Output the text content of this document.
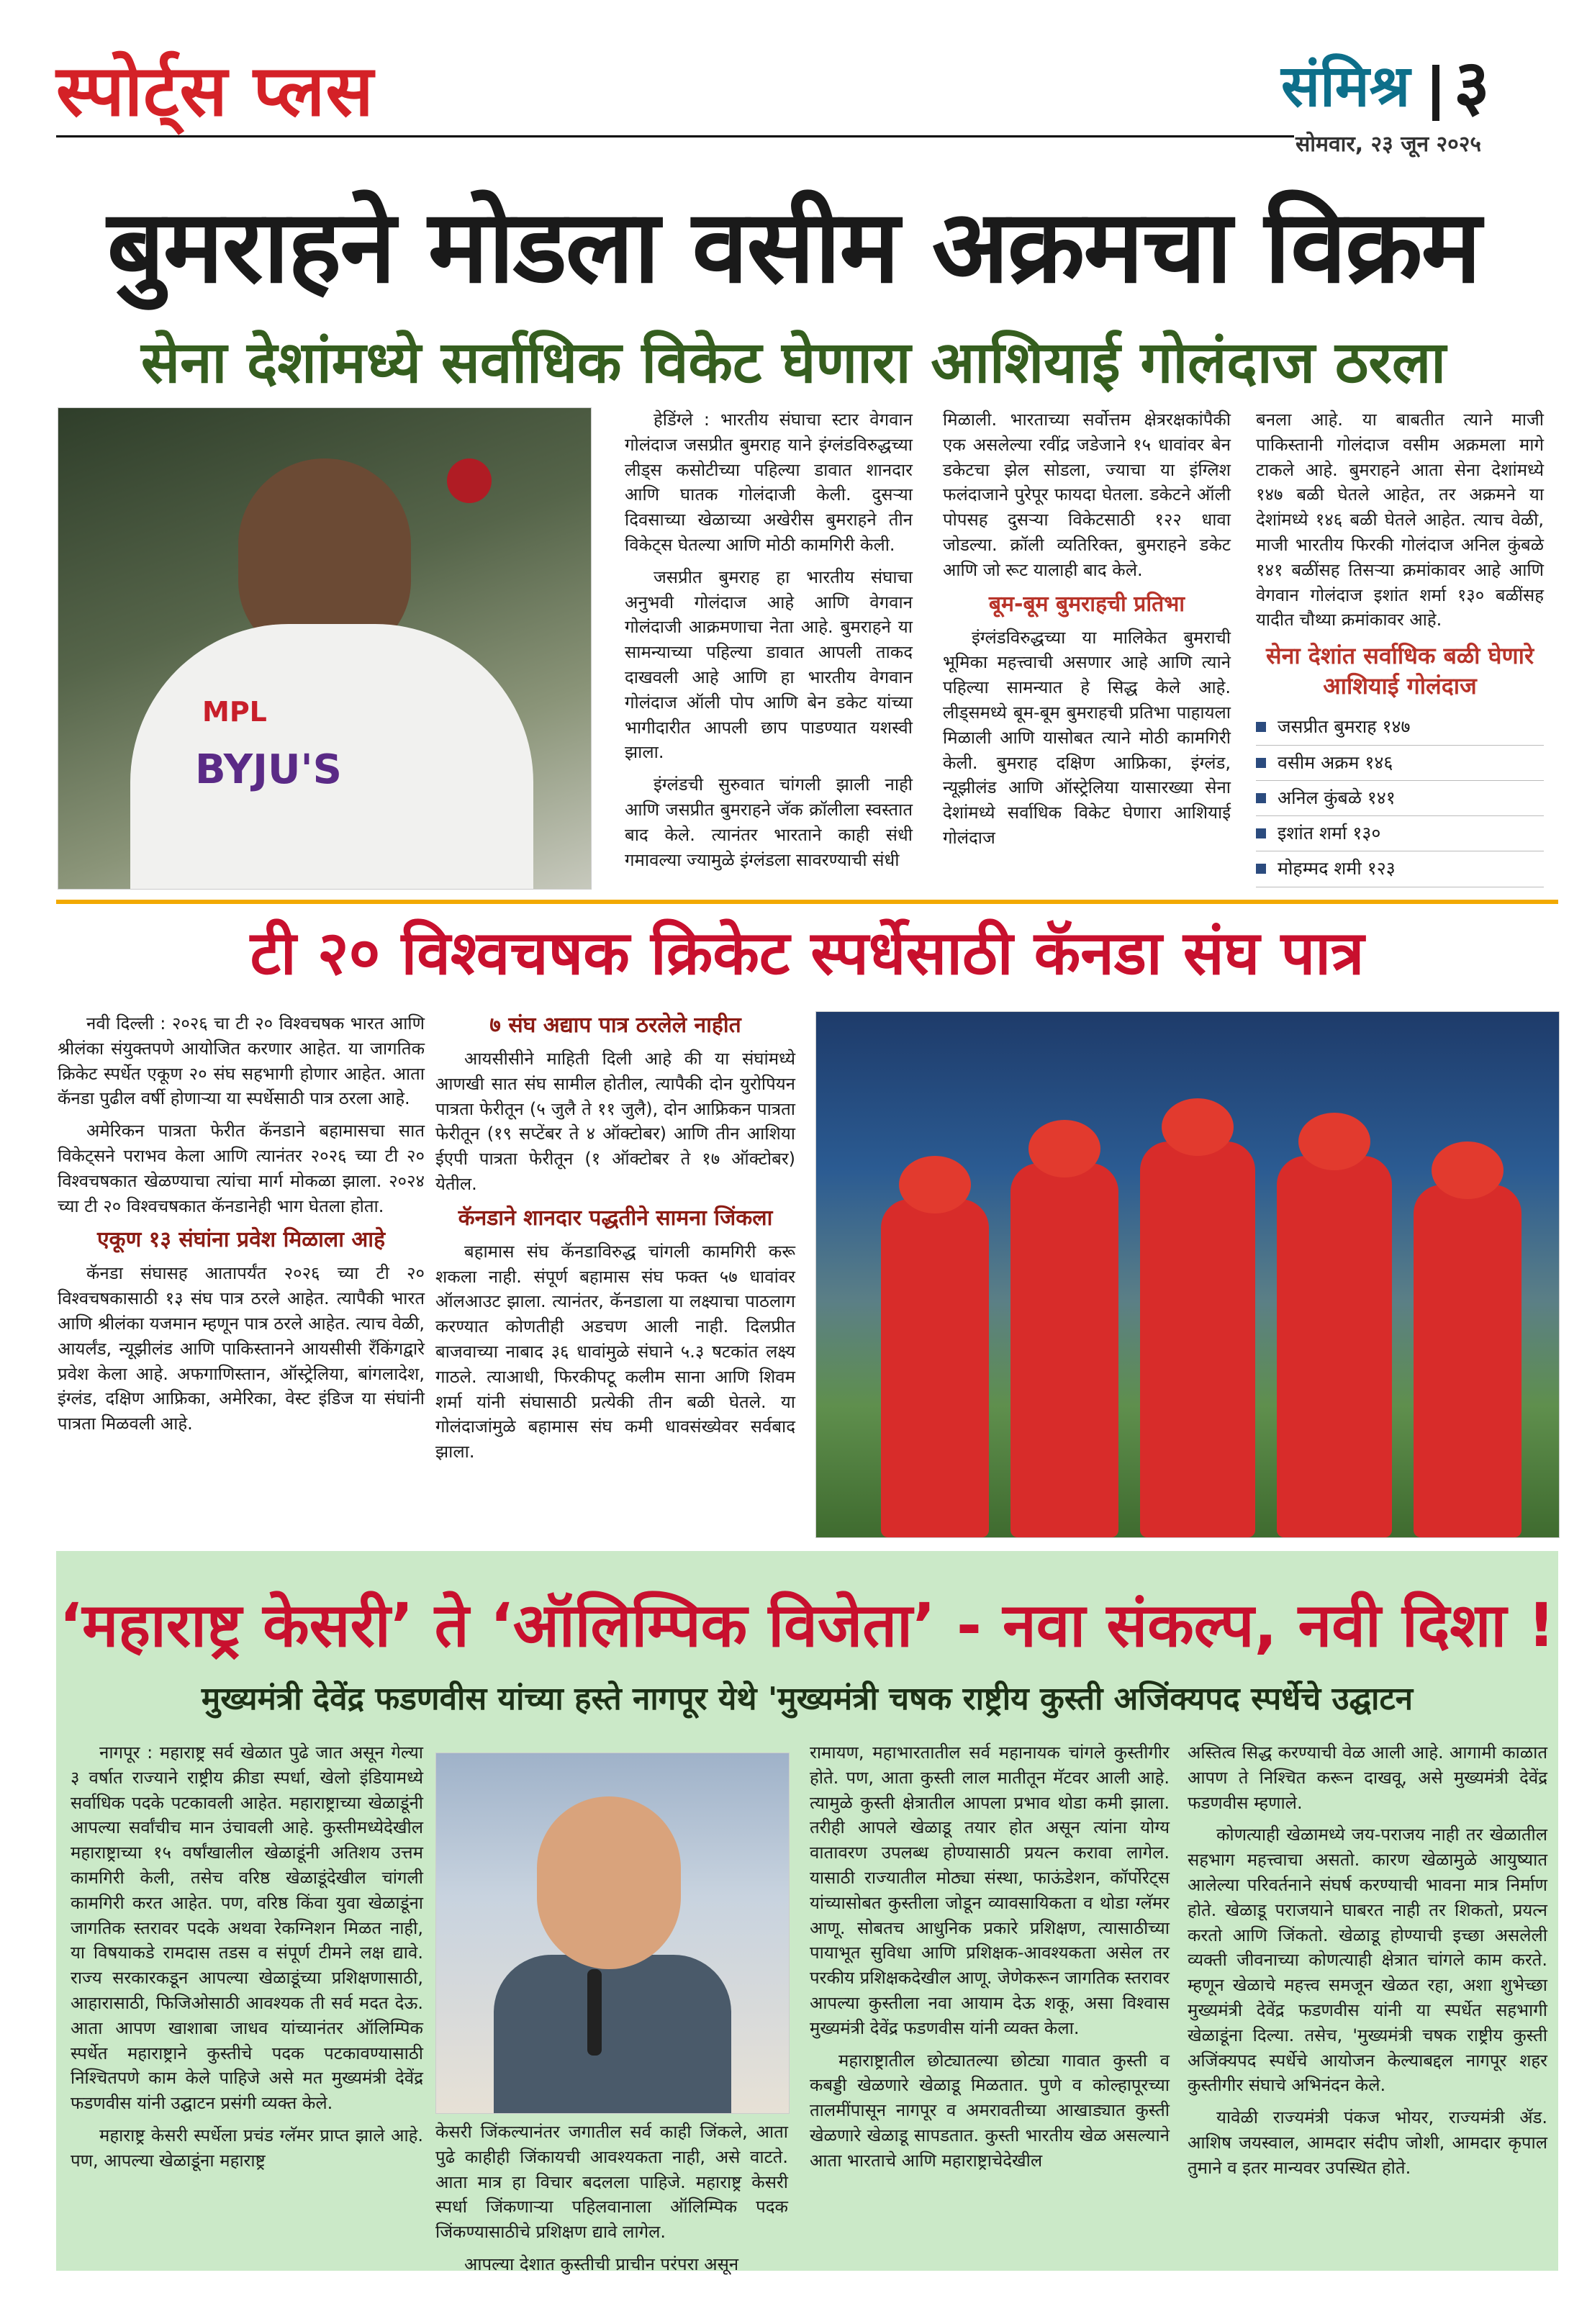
स्पोर्ट्स प्लस	संमिश्र ३
सोमवार, २३ जून २०२५
बुमराहने मोडला वसीम अक्रमचा विक्रम
सेना देशांमध्ये सर्वाधिक विकेट घेणारा आशियाई गोलंदाज ठरला
MPL
BYJU'S

हेडिंग्ले : भारतीय संघाचा स्टार वेगवान गोलंदाज जसप्रीत बुमराह याने इंग्लंडविरुद्धच्या लीड्स कसोटीच्या पहिल्या डावात शानदार आणि घातक गोलंदाजी केली. दुसऱ्या दिवसाच्या खेळाच्या अखेरीस बुमराहने तीन विकेट्स घेतल्या आणि मोठी कामगिरी केली.

जसप्रीत बुमराह हा भारतीय संघाचा अनुभवी गोलंदाज आहे आणि वेगवान गोलंदाजी आक्रमणाचा नेता आहे. बुमराहने या सामन्याच्या पहिल्या डावात आपली ताकद दाखवली आहे आणि हा भारतीय वेगवान गोलंदाज ऑली पोप आणि बेन डकेट यांच्या भागीदारीत आपली छाप पाडण्यात यशस्वी झाला.

इंग्लंडची सुरुवात चांगली झाली नाही आणि जसप्रीत बुमराहने जॅक क्रॉलीला स्वस्तात बाद केले. त्यानंतर भारताने काही संधी गमावल्या ज्यामुळे इंग्लंडला सावरण्याची संधी

मिळाली. भारताच्या सर्वोत्तम क्षेत्ररक्षकांपैकी एक असलेल्या रवींद्र जडेजाने १५ धावांवर बेन डकेटचा झेल सोडला, ज्याचा या इंग्लिश फलंदाजाने पुरेपूर फायदा घेतला. डकेटने ऑली पोपसह दुसऱ्या विकेटसाठी १२२ धावा जोडल्या. क्रॉली व्यतिरिक्त, बुमराहने डकेट आणि जो रूट यालाही बाद केले.

बूम-बूम बुमराहची प्रतिभा

इंग्लंडविरुद्धच्या या मालिकेत बुमराची भूमिका महत्त्वाची असणार आहे आणि त्याने पहिल्या सामन्यात हे सिद्ध केले आहे. लीड्समध्ये बूम-बूम बुमराहची प्रतिभा पाहायला मिळाली आणि यासोबत त्याने मोठी कामगिरी केली. बुमराह दक्षिण आफ्रिका, इंग्लंड, न्यूझीलंड आणि ऑस्ट्रेलिया यासारख्या सेना देशांमध्ये सर्वाधिक विकेट घेणारा आशियाई गोलंदाज

बनला आहे. या बाबतीत त्याने माजी पाकिस्तानी गोलंदाज वसीम अक्रमला मागे टाकले आहे. बुमराहने आता सेना देशांमध्ये १४७ बळी घेतले आहेत, तर अक्रमने या देशांमध्ये १४६ बळी घेतले आहेत. त्याच वेळी, माजी भारतीय फिरकी गोलंदाज अनिल कुंबळे १४१ बळींसह तिसऱ्या क्रमांकावर आहे आणि वेगवान गोलंदाज इशांत शर्मा १३० बळींसह यादीत चौथ्या क्रमांकावर आहे.

सेना देशांत सर्वाधिक बळी घेणारे आशियाई गोलंदाज
जसप्रीत बुमराह १४७
वसीम अक्रम १४६
अनिल कुंबळे १४१
इशांत शर्मा १३०
मोहम्मद शमी १२३
टी २० विश्वचषक क्रिकेट स्पर्धेसाठी कॅनडा संघ पात्र

नवी दिल्ली : २०२६ चा टी २० विश्वचषक भारत आणि श्रीलंका संयुक्तपणे आयोजित करणार आहेत. या जागतिक क्रिकेट स्पर्धेत एकूण २० संघ सहभागी होणार आहेत. आता कॅनडा पुढील वर्षी होणाऱ्या या स्पर्धेसाठी पात्र ठरला आहे.

अमेरिकन पात्रता फेरीत कॅनडाने बहामासचा सात विकेट्सने पराभव केला आणि त्यानंतर २०२६ च्या टी २० विश्वचषकात खेळण्याचा त्यांचा मार्ग मोकळा झाला. २०२४ च्या टी २० विश्वचषकात कॅनडानेही भाग घेतला होता.

एकूण १३ संघांना प्रवेश मिळाला आहे

कॅनडा संघासह आतापर्यंत २०२६ च्या टी २० विश्वचषकासाठी १३ संघ पात्र ठरले आहेत. त्यापैकी भारत आणि श्रीलंका यजमान म्हणून पात्र ठरले आहेत. त्याच वेळी, आयर्लंड, न्यूझीलंड आणि पाकिस्तानने आयसीसी रँकिंगद्वारे प्रवेश केला आहे. अफगाणिस्तान, ऑस्ट्रेलिया, बांगलादेश, इंग्लंड, दक्षिण आफ्रिका, अमेरिका, वेस्ट इंडिज या संघांनी पात्रता मिळवली आहे.

७ संघ अद्याप पात्र ठरलेले नाहीत

आयसीसीने माहिती दिली आहे की या संघांमध्ये आणखी सात संघ सामील होतील, त्यापैकी दोन युरोपियन पात्रता फेरीतून (५ जुलै ते ११ जुलै), दोन आफ्रिकन पात्रता फेरीतून (१९ सप्टेंबर ते ४ ऑक्टोबर) आणि तीन आशिया ईएपी पात्रता फेरीतून (१ ऑक्टोबर ते १७ ऑक्टोबर) येतील.

कॅनडाने शानदार पद्धतीने सामना जिंकला

बहामास संघ कॅनडाविरुद्ध चांगली कामगिरी करू शकला नाही. संपूर्ण बहामास संघ फक्त ५७ धावांवर ऑलआउट झाला. त्यानंतर, कॅनडाला या लक्ष्याचा पाठलाग करण्यात कोणतीही अडचण आली नाही. दिलप्रीत बाजवाच्या नाबाद ३६ धावांमुळे संघाने ५.३ षटकांत लक्ष्य गाठले. त्याआधी, फिरकीपटू कलीम साना आणि शिवम शर्मा यांनी संघासाठी प्रत्येकी तीन बळी घेतले. या गोलंदाजांमुळे बहामास संघ कमी धावसंख्येवर सर्वबाद झाला.

‘महाराष्ट्र केसरी’ ते ‘ऑलिम्पिक विजेता’ - नवा संकल्प, नवी दिशा !
मुख्यमंत्री देवेंद्र फडणवीस यांच्या हस्ते नागपूर येथे 'मुख्यमंत्री चषक राष्ट्रीय कुस्ती अजिंक्यपद स्पर्धेचे उद्घाटन

नागपूर : महाराष्ट्र सर्व खेळात पुढे जात असून गेल्या ३ वर्षात राज्याने राष्ट्रीय क्रीडा स्पर्धा, खेलो इंडियामध्ये सर्वाधिक पदके पटकावली आहेत. महाराष्ट्राच्या खेळाडूंनी आपल्या सर्वांचीच मान उंचावली आहे. कुस्तीमध्येदेखील महाराष्ट्राच्या १५ वर्षांखालील खेळाडूंनी अतिशय उत्तम कामगिरी केली, तसेच वरिष्ठ खेळाडूंदेखील चांगली कामगिरी करत आहेत. पण, वरिष्ठ किंवा युवा खेळाडूंना जागतिक स्तरावर पदके अथवा रेकग्निशन मिळत नाही, या विषयाकडे रामदास तडस व संपूर्ण टीमने लक्ष द्यावे. राज्य सरकारकडून आपल्या खेळाडूंच्या प्रशिक्षणासाठी, आहारासाठी, फिजिओसाठी आवश्यक ती सर्व मदत देऊ. आता आपण खाशाबा जाधव यांच्यानंतर ऑलिम्पिक स्पर्धेत महाराष्ट्राने कुस्तीचे पदक पटकावण्यासाठी निश्चितपणे काम केले पाहिजे असे मत मुख्यमंत्री देवेंद्र फडणवीस यांनी उद्घाटन प्रसंगी व्यक्त केले.

महाराष्ट्र केसरी स्पर्धेला प्रचंड ग्लॅमर प्राप्त झाले आहे. पण, आपल्या खेळाडूंना महाराष्ट्र

केसरी जिंकल्यानंतर जगातील सर्व काही जिंकले, आता पुढे काहीही जिंकायची आवश्यकता नाही, असे वाटते. आता मात्र हा विचार बदलला पाहिजे. महाराष्ट्र केसरी स्पर्धा जिंकणाऱ्या पहिलवानाला ऑलिम्पिक पदक जिंकण्यासाठीचे प्रशिक्षण द्यावे लागेल.

आपल्या देशात कुस्तीची प्राचीन परंपरा असून

रामायण, महाभारतातील सर्व महानायक चांगले कुस्तीगीर होते. पण, आता कुस्ती लाल मातीतून मॅटवर आली आहे. त्यामुळे कुस्ती क्षेत्रातील आपला प्रभाव थोडा कमी झाला. तरीही आपले खेळाडू तयार होत असून त्यांना योग्य वातावरण उपलब्ध होण्यासाठी प्रयत्न करावा लागेल. यासाठी राज्यातील मोठ्या संस्था, फाऊंडेशन, कॉर्पोरेट्स यांच्यासोबत कुस्तीला जोडून व्यावसायिकता व थोडा ग्लॅमर आणू. सोबतच आधुनिक प्रकारे प्रशिक्षण, त्यासाठीच्या पायाभूत सुविधा आणि प्रशिक्षक-आवश्यकता असेल तर परकीय प्रशिक्षकदेखील आणू. जेणेकरून जागतिक स्तरावर आपल्या कुस्तीला नवा आयाम देऊ शकू, असा विश्वास मुख्यमंत्री देवेंद्र फडणवीस यांनी व्यक्त केला.

महाराष्ट्रातील छोट्यातल्या छोट्या गावात कुस्ती व कबड्डी खेळणारे खेळाडू मिळतात. पुणे व कोल्हापूरच्या तालमींपासून नागपूर व अमरावतीच्या आखाड्यात कुस्ती खेळणारे खेळाडू सापडतात. कुस्ती भारतीय खेळ असल्याने आता भारताचे आणि महाराष्ट्राचेदेखील

अस्तित्व सिद्ध करण्याची वेळ आली आहे. आगामी काळात आपण ते निश्चित करून दाखवू, असे मुख्यमंत्री देवेंद्र फडणवीस म्हणाले.

कोणत्याही खेळामध्ये जय-पराजय नाही तर खेळातील सहभाग महत्त्वाचा असतो. कारण खेळामुळे आयुष्यात आलेल्या परिवर्तनाने संघर्ष करण्याची भावना मात्र निर्माण होते. खेळाडू पराजयाने घाबरत नाही तर शिकतो, प्रयत्न करतो आणि जिंकतो. खेळाडू होण्याची इच्छा असलेली व्यक्ती जीवनाच्या कोणत्याही क्षेत्रात चांगले काम करते. म्हणून खेळाचे महत्त्व समजून खेळत रहा, अशा शुभेच्छा मुख्यमंत्री देवेंद्र फडणवीस यांनी या स्पर्धेत सहभागी खेळाडूंना दिल्या. तसेच, 'मुख्यमंत्री चषक राष्ट्रीय कुस्ती अजिंक्यपद स्पर्धेचे आयोजन केल्याबद्दल नागपूर शहर कुस्तीगीर संघाचे अभिनंदन केले.

यावेळी राज्यमंत्री पंकज भोयर, राज्यमंत्री ॲड. आशिष जयस्वाल, आमदार संदीप जोशी, आमदार कृपाल तुमाने व इतर मान्यवर उपस्थित होते.
